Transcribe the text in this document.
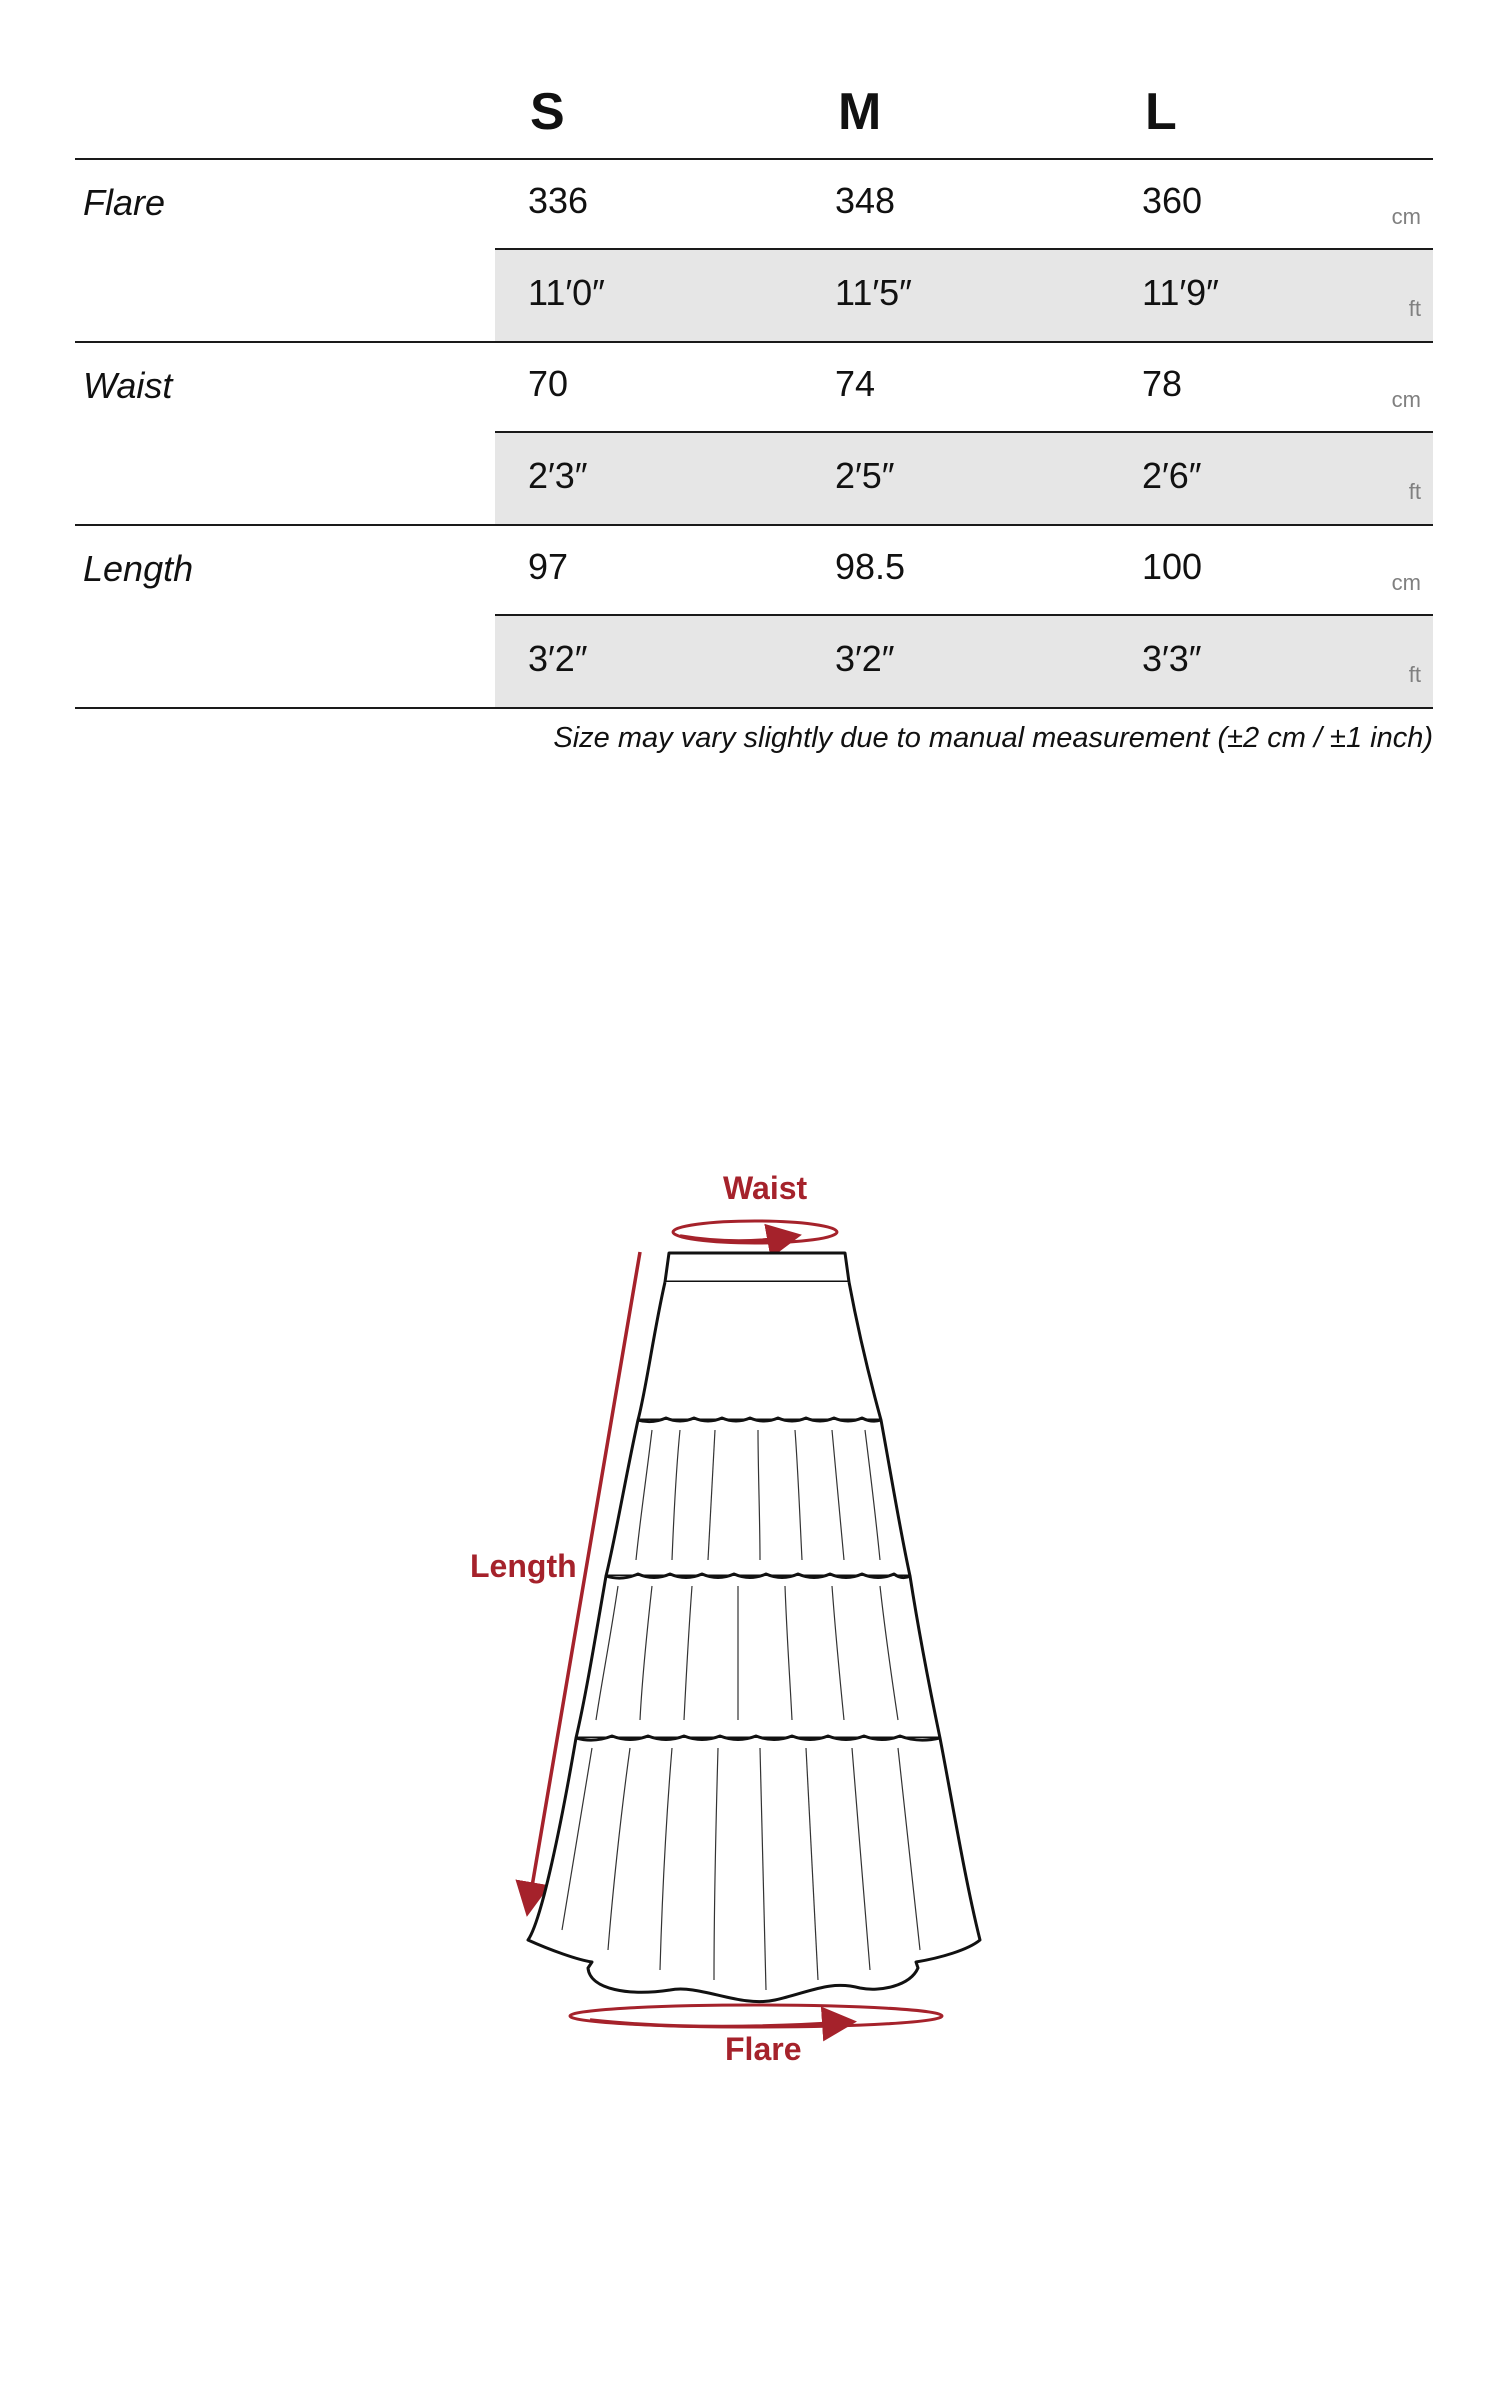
S	M	L
Flare	336	348	360	cm
11′0″	11′5″	11′9″	ft
Waist	70	74	78	cm
2′3″	2′5″	2′6″	ft
Length	97	98.5	100	cm
3′2″	3′2″	3′3″	ft
Size may vary slightly due to manual measurement (±2 cm / ±1 inch)
Waist
Length
Flare
